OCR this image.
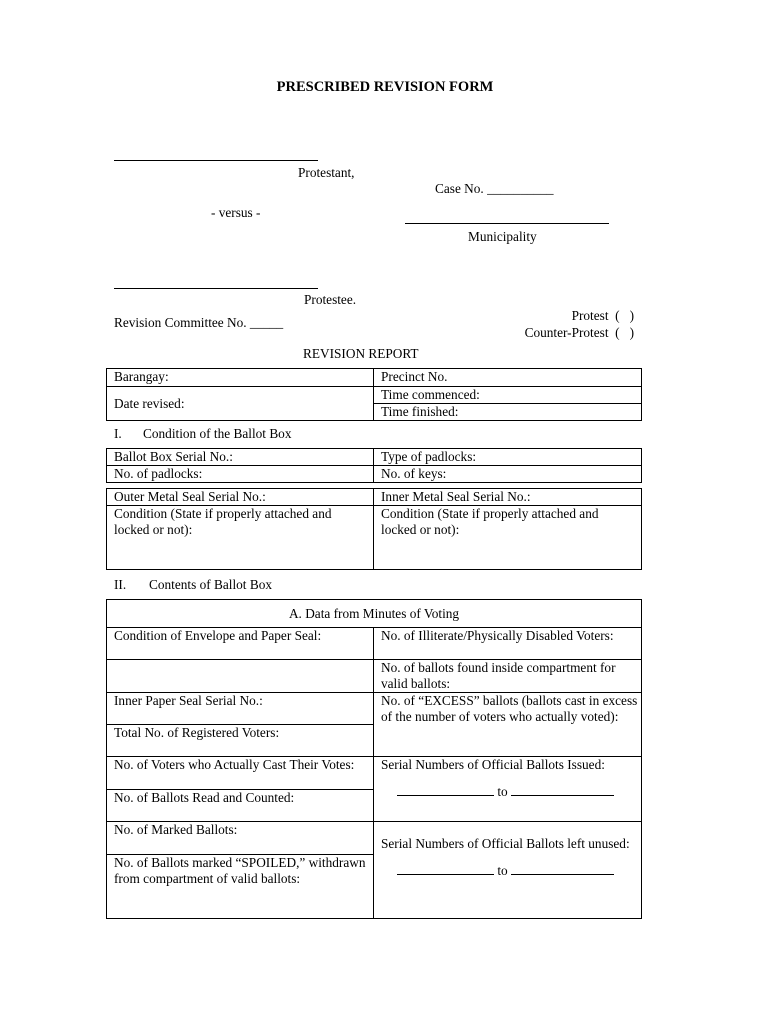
PRESCRIBED REVISION FORM
Protestant,
Case No. __________
- versus -
Municipality
Protestee.
Revision Committee No. _____	Protest  (   )
Counter-Protest  (   )
REVISION REPORT
Barangay:	Precinct No.
Date revised:	Time commenced:
	Time finished:
I. Condition of the Ballot Box
Ballot Box Serial No.:	Type of padlocks:
No. of padlocks:	No. of keys:
Outer Metal Seal Serial No.:	Inner Metal Seal Serial No.:

Condition (State if properly attached and locked or not):	Condition (State if properly attached and locked or not):
II. Contents of Ballot Box
A. Data from Minutes of Voting	
Condition of Envelope and Paper Seal:	No. of Illiterate/Physically Disabled Voters:
	No. of ballots found inside compartment for valid ballots:
Inner Paper Seal Serial No.:	No. of “EXCESS” ballots (ballots cast in excess of the number of voters who actually voted):
Total No. of Registered Voters:	
No. of Voters who Actually Cast Their Votes:	Serial Numbers of Official Ballots Issued:
to

No. of Ballots Read and Counted:	
No. of Marked Ballots:	Serial Numbers of Official Ballots left unused:
to

No. of Ballots marked “SPOILED,” withdrawn from compartment of valid ballots:	
